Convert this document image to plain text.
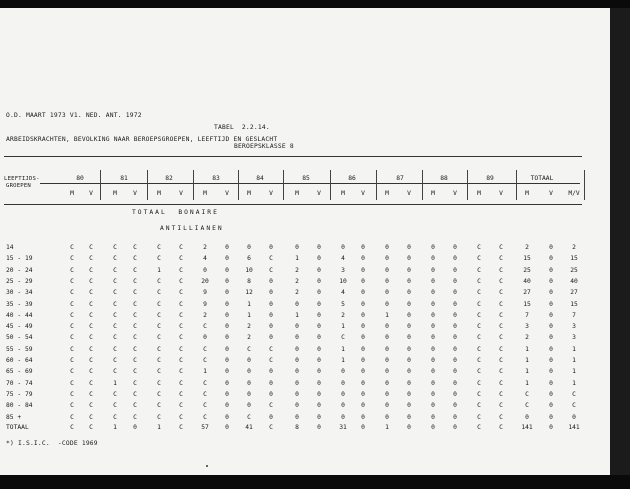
O.D. MAART 1973 V1. NED. ANT. 1972
TABEL  2.2.14.
ARBEIDSKRACHTEN, BEVOLKING NAAR BEROEPSGROEPEN, LEEFTIJD EN GESLACHT
BEROEPSKLASSE 8
LEEFTIJDS-
GROEPEN
80	81	82	83	84	85	86	87	88	89	TOTAAL
M	V	M	V	M	V	M	V	M	V	M	V	M	V	M	V	M	V	M	V	M	V	M/V
TOTAAL  BONAIRE
ANTILLIANEN
14	C	C	C	C	C	C	2	0	0	0	0	0	0	0	0	0	0	0	C	C	2	0	2
15 - 19	C	C	C	C	C	C	4	0	6	C	1	0	4	0	0	0	0	0	C	C	15	0	15
20 - 24	C	C	C	C	1	C	0	0	10	C	2	0	3	0	0	0	0	0	C	C	25	0	25
25 - 29	C	C	C	C	C	C	20	0	8	0	2	0	10	0	0	0	0	0	C	C	40	0	40
30 - 34	C	C	C	C	C	C	9	0	12	0	2	0	4	0	0	0	0	0	C	C	27	0	27
35 - 39	C	C	C	C	C	C	9	0	1	0	0	0	5	0	0	0	0	0	C	C	15	0	15
40 - 44	C	C	C	C	C	C	2	0	1	0	1	0	2	0	1	0	0	0	C	C	7	0	7
45 - 49	C	C	C	C	C	C	C	0	2	0	0	0	1	0	0	0	0	0	C	C	3	0	3
50 - 54	C	C	C	C	C	C	0	0	2	0	0	0	C	0	0	0	0	0	C	C	2	0	3
55 - 59	C	C	C	C	C	C	C	0	C	C	0	0	1	0	0	0	0	0	C	C	1	0	1
60 - 64	C	C	C	C	C	C	C	0	0	C	0	0	1	0	0	0	0	0	C	C	1	0	1
65 - 69	C	C	C	C	C	C	1	0	0	0	0	0	0	0	0	0	0	0	C	C	1	0	1
70 - 74	C	C	1	C	C	C	C	0	0	0	0	0	0	0	0	0	0	0	C	C	1	0	1
75 - 79	C	C	C	C	C	C	C	0	0	0	0	0	0	0	0	0	0	0	C	C	C	0	C
80 - 84	C	C	C	C	C	C	C	0	0	C	0	0	0	0	0	0	0	0	C	C	C	0	C
85 +	C	C	C	C	C	C	C	0	C	0	0	0	0	0	0	0	0	0	C	C	0	0	0
TOTAAL	C	C	1	0	1	C	57	0	41	C	8	0	31	0	1	0	0	0	C	C	141	0	141
*) I.S.I.C.  -CODE 1969
